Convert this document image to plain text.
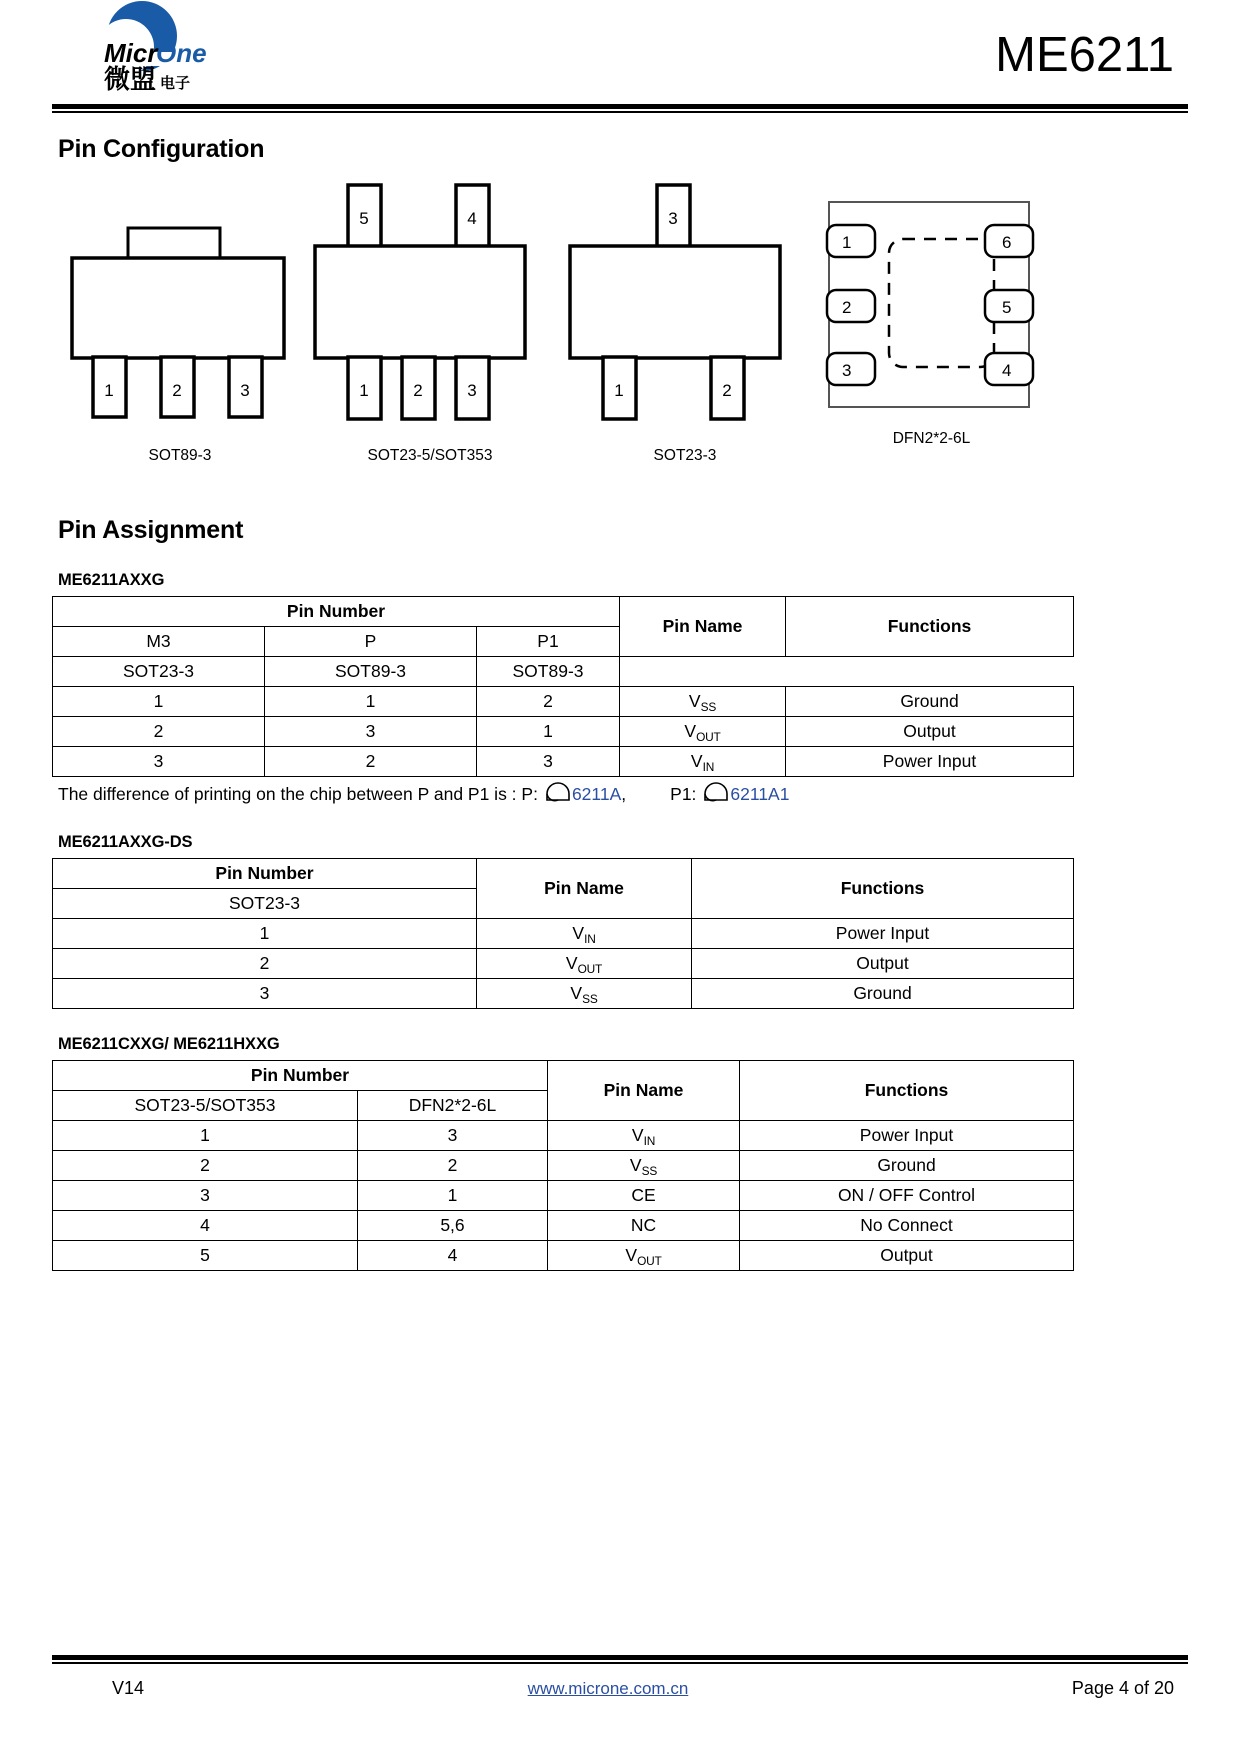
Micr
One
微盟 电子
ME6211
Pin Configuration
1	2	3
SOT89-3
5	4
1	2	3
SOT23-5/SOT353
3
1	2
SOT23-3
1
2
3
6
5
4
DFN2*2-6L
Pin Assignment
ME6211AXXG
Pin Number			Pin Name	Functions
M3	P	P1		
SOT23-3	SOT89-3	SOT89-3		
1	1	2	$V_{SS}$	Ground
2	3	1	$V_{OUT}$	Output
3	2	3	$V_{IN}$	Power Input
The difference of printing on the chip between P and P1 is : P: 6211A ,	P1: 6211A1
ME6211AXXG-DS
Pin Number	Pin Name	Functions
SOT23-3		
1	$V_{IN}$	Power Input
2	$V_{OUT}$	Output
3	$V_{SS}$	Ground
ME6211CXXG/ ME6211HXXG
Pin Number		Pin Name	Functions
SOT23-5/SOT353	DFN2*2-6L		
1	3	$V_{IN}$	Power Input
2	2	$V_{SS}$	Ground
3	1	CE	ON / OFF Control
4	5,6	NC	No Connect
5	4	$V_{OUT}$	Output
V14	www.microne.com.cn	Page 4 of 20
